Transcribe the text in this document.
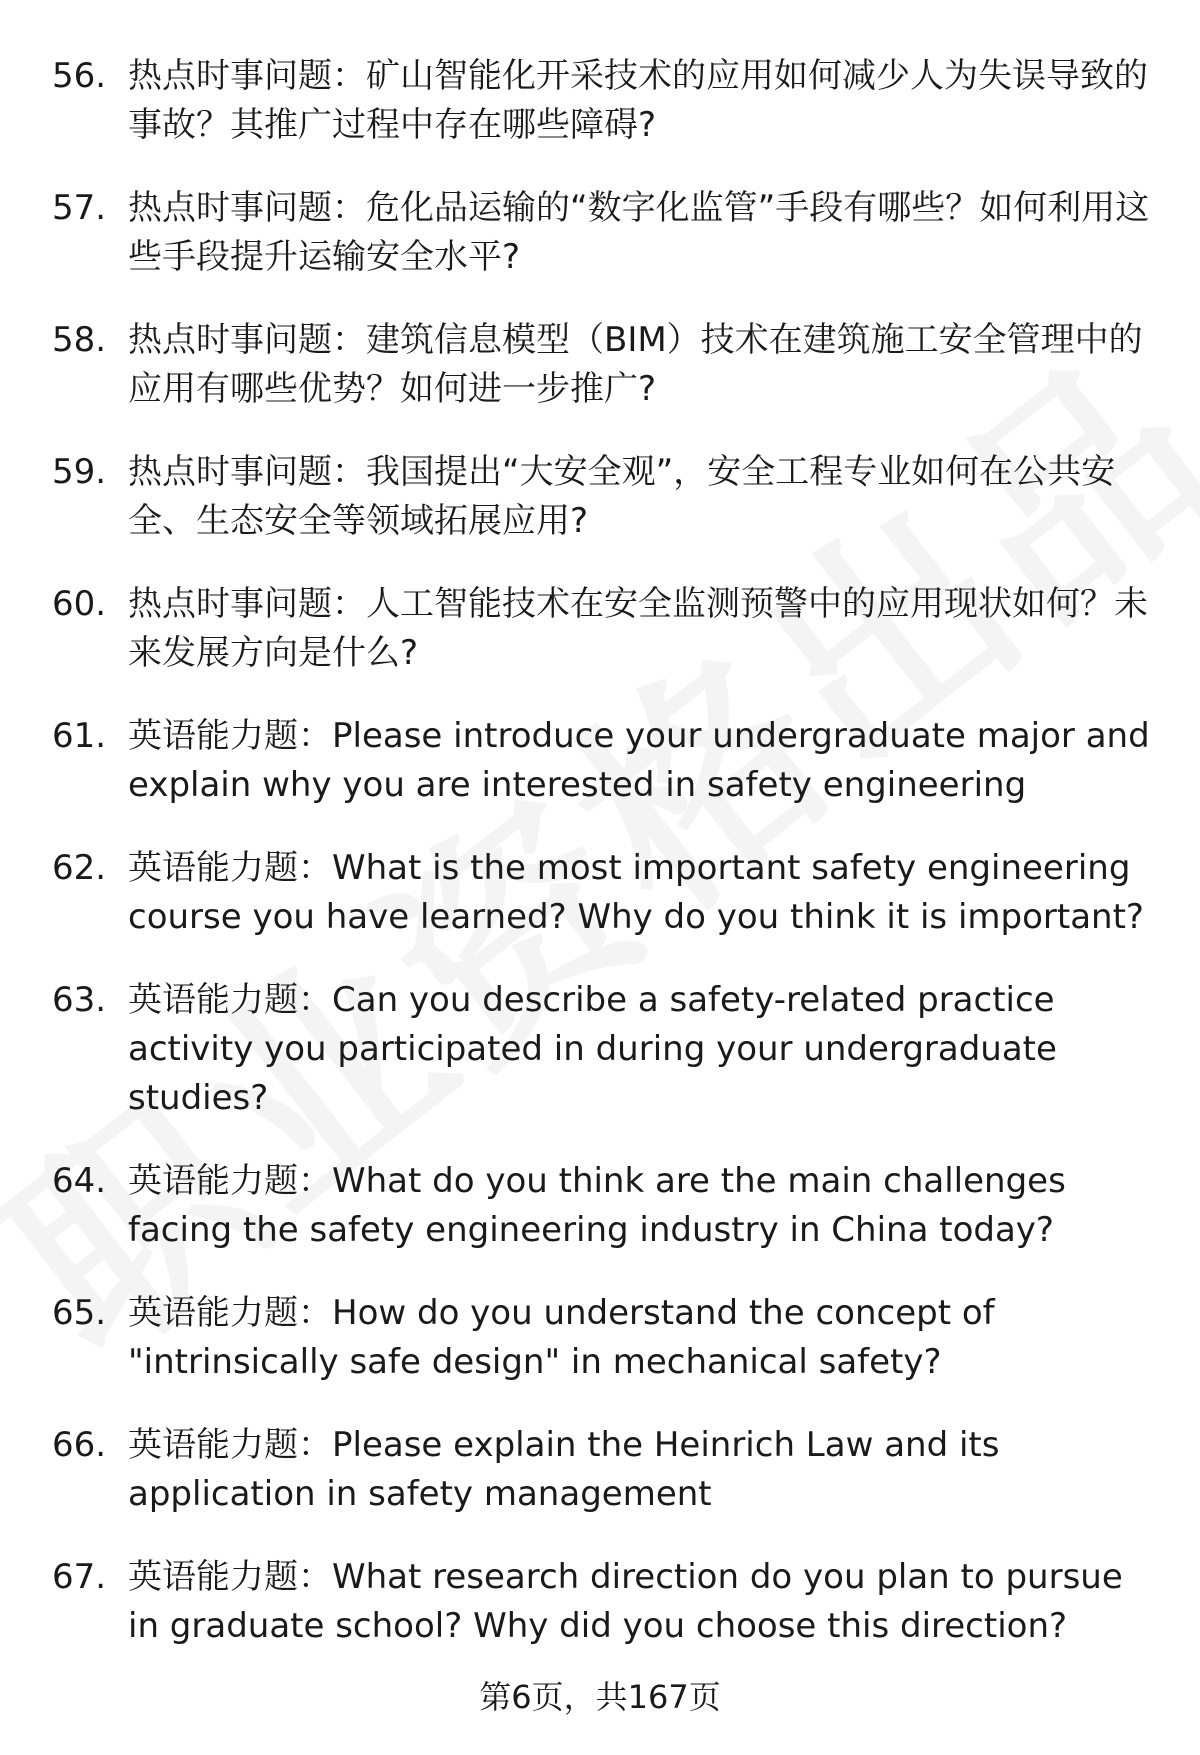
56. 热点时事问题：矿山智能化开采技术的应用如何减少人为失误导致的事故？其推广过程中存在哪些障碍?
57. 热点时事问题：危化品运输的“数字化监管”手段有哪些？如何利用这些手段提升运输安全水平?
58. 热点时事问题：建筑信息模型（BIM）技术在建筑施工安全管理中的应用有哪些优势？如何进一步推广?
59. 热点时事问题：我国提出“大安全观”，安全工程专业如何在公共安全、生态安全等领域拓展应用?
60. 热点时事问题：人工智能技术在安全监测预警中的应用现状如何？未来发展方向是什么?
61. 英语能力题：Please introduce your undergraduate major and explain why you are interested in safety engineering
62. 英语能力题：What is the most important safety engineering course you have learned? Why do you think it is important?
63. 英语能力题：Can you describe a safety-related practice activity you participated in during your undergraduate studies?
64. 英语能力题：What do you think are the main challenges facing the safety engineering industry in China today?
65. 英语能力题：How do you understand the concept of "intrinsically safe design" in mechanical safety?
66. 英语能力题：Please explain the Heinrich Law and its application in safety management
67. 英语能力题：What research direction do you plan to pursue in graduate school? Why did you choose this direction?
第6页，共167页
